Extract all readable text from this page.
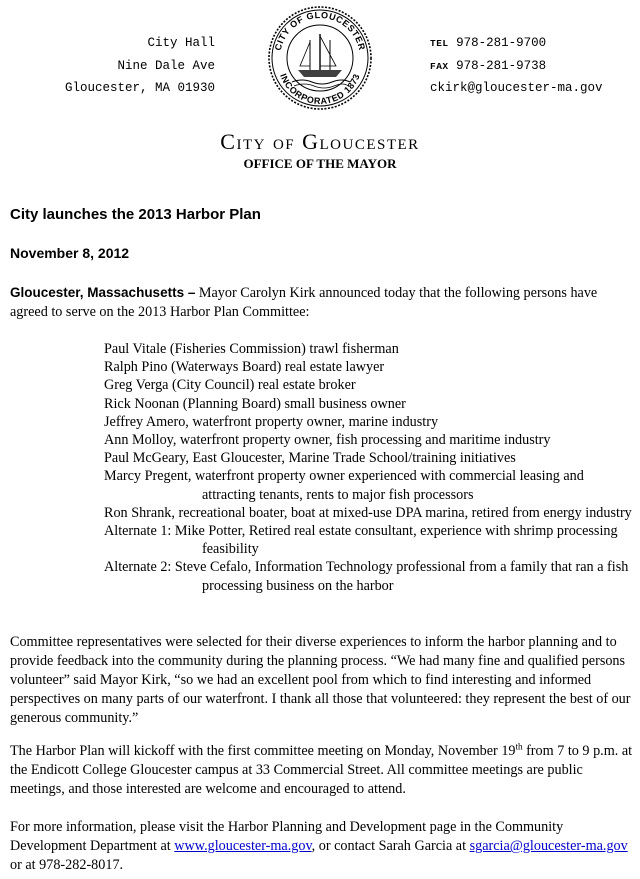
City Hall
Nine Dale Ave
Gloucester, MA 01930
TEL 978-281-9700
FAX 978-281-9738
ckirk@gloucester-ma.gov
CITY OF GLOUCESTER
INCORPORATED 1873
City of Gloucester
OFFICE OF THE MAYOR
City launches the 2013 Harbor Plan
November 8, 2012
Gloucester, Massachusetts – Mayor Carolyn Kirk announced today that the following persons have agreed to serve on the 2013 Harbor Plan Committee:

Paul Vitale (Fisheries Commission) trawl fisherman

Ralph Pino (Waterways Board) real estate lawyer

Greg Verga (City Council) real estate broker

Rick Noonan (Planning Board) small business owner

Jeffrey Amero, waterfront property owner, marine industry

Ann Molloy, waterfront property owner, fish processing and maritime industry

Paul McGeary, East Gloucester, Marine Trade School/training initiatives

Marcy Pregent, waterfront property owner experienced with commercial leasing and attracting tenants, rents to major fish processors

Ron Shrank, recreational boater, boat at mixed-use DPA marina, retired from energy industry

Alternate 1: Mike Potter, Retired real estate consultant, experience with shrimp processing feasibility

Alternate 2: Steve Cefalo, Information Technology professional from a family that ran a fish processing business on the harbor

Committee representatives were selected for their diverse experiences to inform the harbor planning and to provide feedback into the community during the planning process. “We had many fine and qualified persons volunteer” said Mayor Kirk, “so we had an excellent pool from which to find interesting and informed perspectives on many parts of our waterfront. I thank all those that volunteered: they represent the best of our generous community.”
The Harbor Plan will kickoff with the first committee meeting on Monday, November 19th from 7 to 9 p.m. at the Endicott College Gloucester campus at 33 Commercial Street. All committee meetings are public meetings, and those interested are welcome and encouraged to attend.
For more information, please visit the Harbor Planning and Development page in the Community Development Department at www.gloucester-ma.gov, or contact Sarah Garcia at sgarcia@gloucester-ma.gov or at 978-282-8017.
